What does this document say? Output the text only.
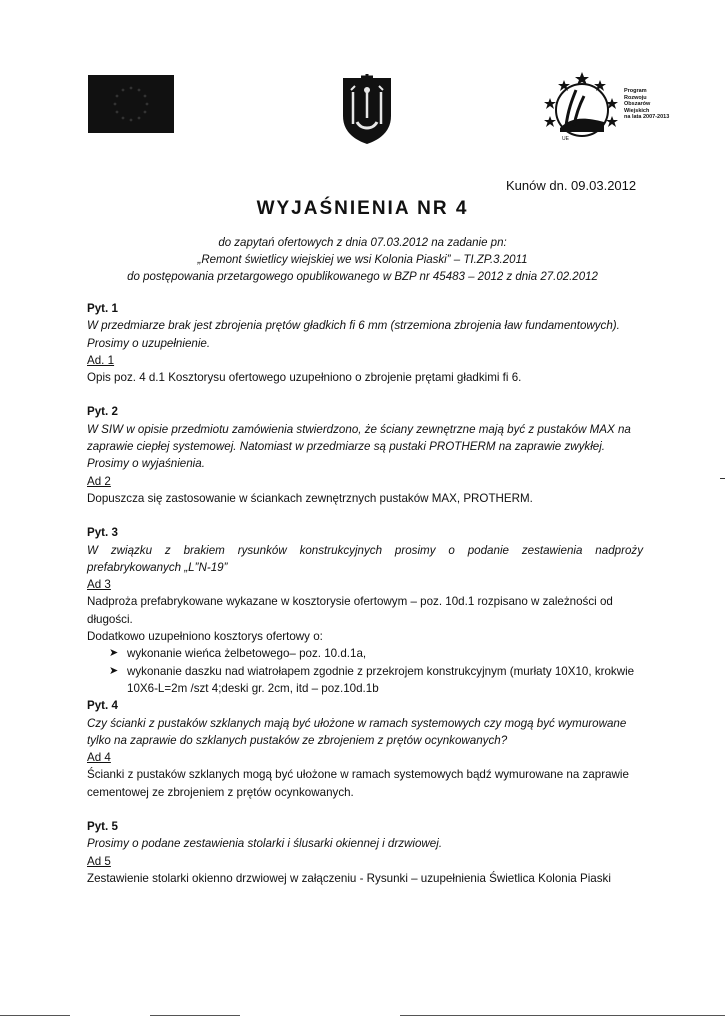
UE
Program
Rozwoju
Obszarów
Wiejskich
na lata 2007-2013
Kunów dn. 09.03.2012
WYJAŚNIENIA NR 4
do zapytań ofertowych z dnia 07.03.2012 na zadanie pn:
„Remont świetlicy wiejskiej we wsi Kolonia Piaski” – TI.ZP.3.2011
do postępowania przetargowego opublikowanego w BZP nr 45483 – 2012 z dnia 27.02.2012
Pyt. 1
W przedmiarze brak jest zbrojenia prętów gładkich fi 6 mm (strzemiona zbrojenia ław fundamentowych). Prosimy o uzupełnienie.
Ad. 1
Opis poz. 4 d.1 Kosztorysu ofertowego uzupełniono o zbrojenie prętami gładkimi fi 6.
Pyt. 2
W SIW w opisie przedmiotu zamówienia stwierdzono, że ściany zewnętrzne mają być z pustaków MAX na zaprawie ciepłej systemowej. Natomiast w przedmiarze są pustaki PROTHERM na zaprawie zwykłej. Prosimy o wyjaśnienia.
Ad 2
Dopuszcza się zastosowanie w ściankach zewnętrznych pustaków MAX, PROTHERM.
Pyt. 3
W związku z brakiem rysunków konstrukcyjnych prosimy o podanie zestawienia nadproży prefabrykowanych „L”N-19”
Ad 3
Nadproża prefabrykowane wykazane w kosztorysie ofertowym – poz. 10d.1 rozpisano w zależności od długości.
Dodatkowo uzupełniono kosztorys ofertowy o:
➤ wykonanie wieńca żelbetowego– poz. 10.d.1a,
➤ wykonanie daszku nad wiatrołapem zgodnie z przekrojem konstrukcyjnym (murłaty 10X10, krokwie 10X6-L=2m /szt 4;deski gr. 2cm, itd – poz.10d.1b
Pyt. 4
Czy ścianki z pustaków szklanych mają być ułożone w ramach systemowych czy mogą być wymurowane tylko na zaprawie do szklanych pustaków ze zbrojeniem z prętów ocynkowanych?
Ad 4
Ścianki z pustaków szklanych mogą być ułożone w ramach systemowych bądź wymurowane na zaprawie cementowej ze zbrojeniem z prętów ocynkowanych.
Pyt. 5
Prosimy o podane zestawienia stolarki i ślusarki okiennej i drzwiowej.
Ad 5
Zestawienie stolarki okienno drzwiowej w załączeniu - Rysunki – uzupełnienia Świetlica Kolonia Piaski
